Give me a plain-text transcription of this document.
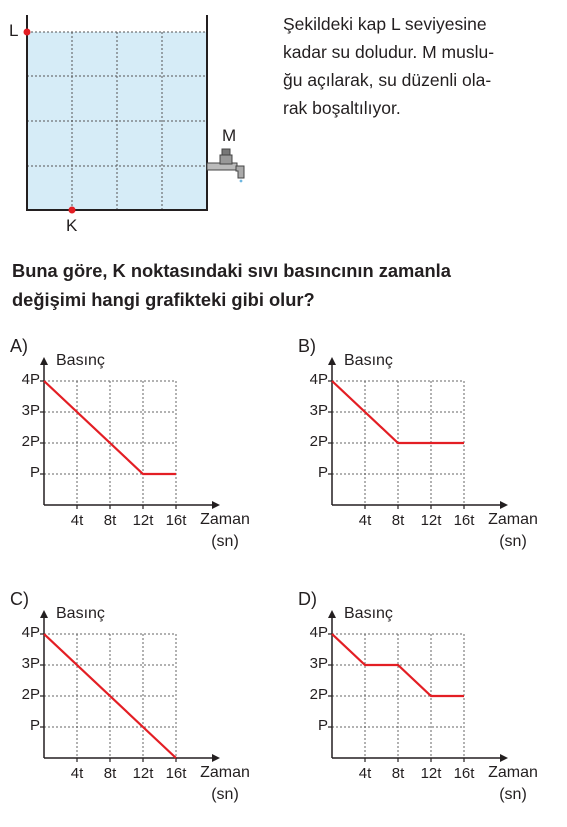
L
K
M
Şekildeki kap L seviyesine
kadar su doludur. M muslu-
ğu açılarak, su düzenli ola-
rak boşaltılıyor.
Buna göre, K noktasındaki sıvı basıncının zamanla
değişimi hangi grafikteki gibi olur?
A)
Basınç
4P
3P
2P
P
4t	8t	12t 16t Zaman
(sn)
B)
Basınç
4P
3P
2P
P
4t	8t	12t 16t Zaman
(sn)
C)
Basınç
4P
3P
2P
P
4t	8t	12t 16t Zaman
(sn)
D)
Basınç
4P
3P
2P
P
4t	8t	12t 16t Zaman
(sn)
